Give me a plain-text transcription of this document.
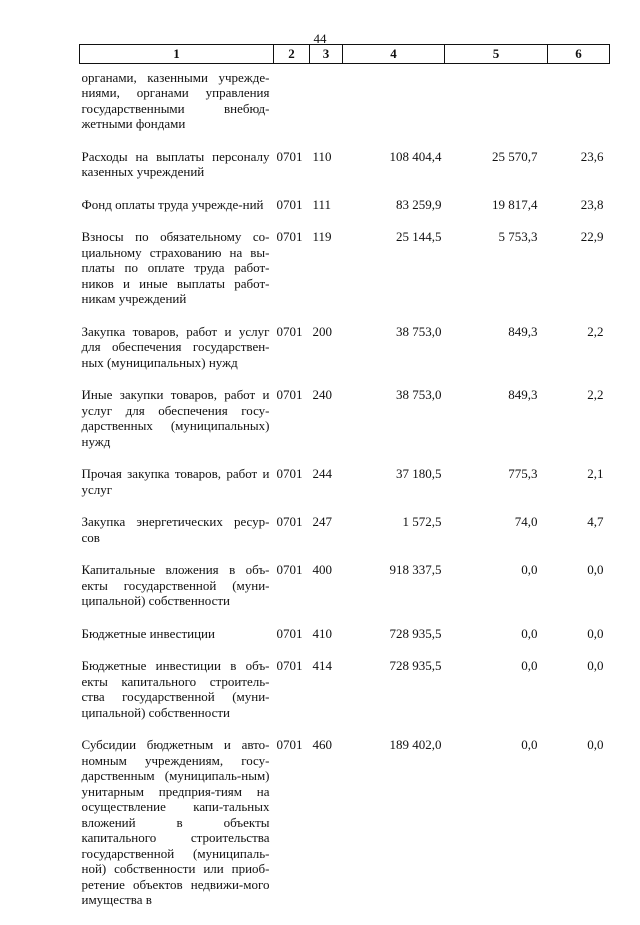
44
1	2	3	4	5	6
органами, казенными учрежде-ниями, органами управления государственными внебюд-жетными фондами					
Расходы на выплаты персоналу казенных учреждений	0701	110	108 404,4	25 570,7	23,6
Фонд оплаты труда учрежде-ний	0701	111	83 259,9	19 817,4	23,8
Взносы по обязательному со-циальному страхованию на вы-платы по оплате труда работ-ников и иные выплаты работ-никам учреждений	0701	119	25 144,5	5 753,3	22,9
Закупка товаров, работ и услуг для обеспечения государствен-ных (муниципальных) нужд	0701	200	38 753,0	849,3	2,2
Иные закупки товаров, работ и услуг для обеспечения госу-дарственных (муниципальных) нужд	0701	240	38 753,0	849,3	2,2
Прочая закупка товаров, работ и услуг	0701	244	37 180,5	775,3	2,1
Закупка энергетических ресур-сов	0701	247	1 572,5	74,0	4,7
Капитальные вложения в объ-екты государственной (муни-ципальной) собственности	0701	400	918 337,5	0,0	0,0
Бюджетные инвестиции	0701	410	728 935,5	0,0	0,0
Бюджетные инвестиции в объ-екты капитального строитель-ства государственной (муни-ципальной) собственности	0701	414	728 935,5	0,0	0,0
Субсидии бюджетным и авто-номным учреждениям, госу-дарственным (муниципаль-ным) унитарным предприя-тиям на осуществление капи-тальных вложений в объекты капитального строительства государственной (муниципаль-ной) собственности или приоб-ретение объектов недвижи-мого имущества в	0701	460	189 402,0	0,0	0,0
